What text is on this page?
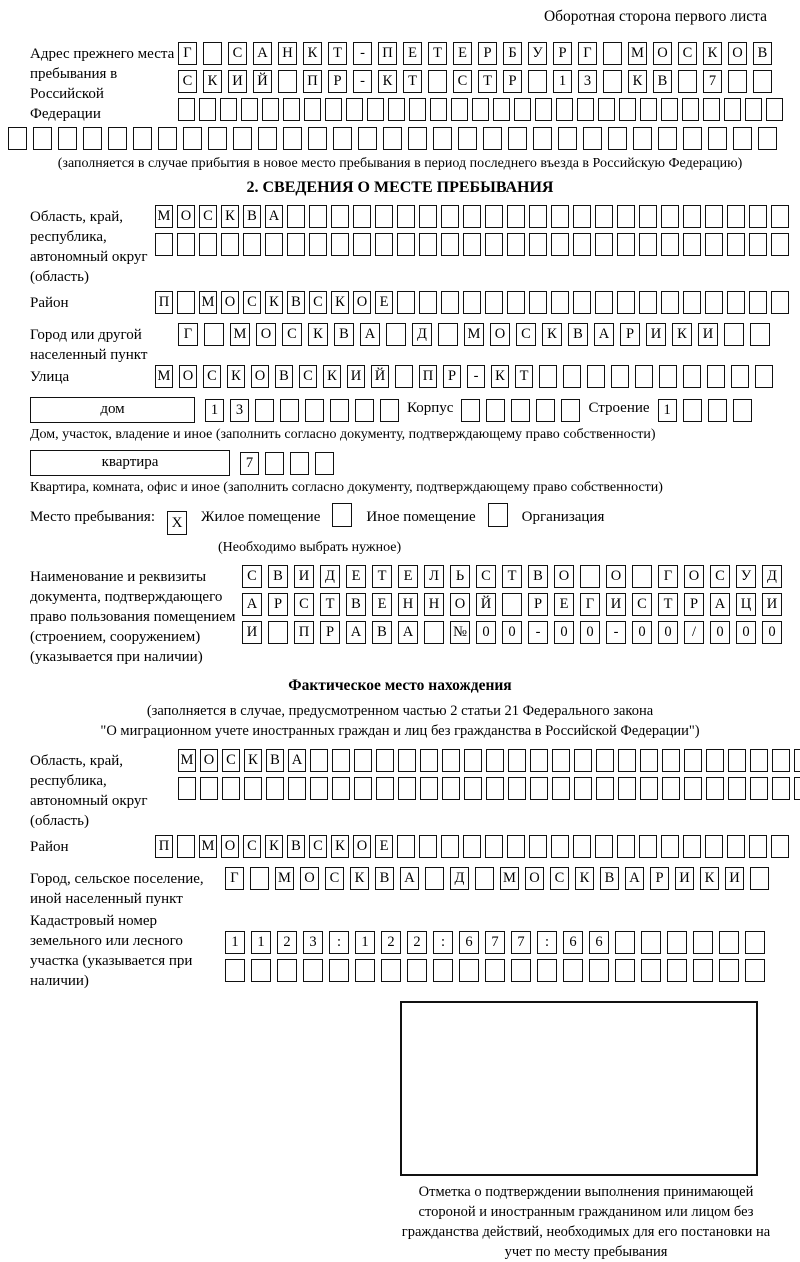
Оборотная сторона первого листа
Адрес прежнего места пребывания в Российской Федерации
Г	С А Н К Т - П Е Т Е Р Б У Р Г	М О С К О В
С К И Й	П Р - К Т	С Т Р	1 3	К В	7
(заполняется в случае прибытия в новое место пребывания в период последнего въезда в Российскую Федерацию)
2. СВЕДЕНИЯ О МЕСТЕ ПРЕБЫВАНИЯ
Область, край, республика, автономный округ (область)
М О С К В А
Район	П М О С К В С К О Е
Город или другой населенный пункт
Г	М О С К В А	Д	М О С К В А Р И К И
Улица	М О С К О В С К И Й	П Р - К Т
дом	1 3	Корпус	Строение 1
Дом, участок, владение и иное (заполнить согласно документу, подтверждающему право собственности)
квартира	7
Квартира, комната, офис и иное (заполнить согласно документу, подтверждающему право собственности)
Место пребывания: X Жилое помещение	Иное помещение	Организация
(Необходимо выбрать нужное)
Наименование и реквизиты документа, подтверждающего право пользования помещением (строением, сооружением) (указывается при наличии)
С В И Д Е Т Е Л Ь С Т В О	О	Г О С У Д
А Р С Т В Е Н Н О Й	Р Е Г И С Т Р А Ц И
И	П Р А В А	№ 0 0 - 0 0 - 0 0 / 0 0 0
Фактическое место нахождения
(заполняется в случае, предусмотренном частью 2 статьи 21 Федерального закона
"О миграционном учете иностранных граждан и лиц без гражданства в Российской Федерации")
Область, край, республика, автономный округ (область)
М О С К В А
Район	П М О С К В С К О Е
Город, сельское поселение, иной населенный пункт
Г	М О С К В А	Д	М О С К В А Р И К И
Кадастровый номер земельного или лесного участка (указывается при наличии)
1 1 2 3 : 1 2 2 : 6 7 7 : 6 6
Отметка о подтверждении выполнения принимающей стороной и иностранным гражданином или лицом без гражданства действий, необходимых для его постановки на учет по месту пребывания
